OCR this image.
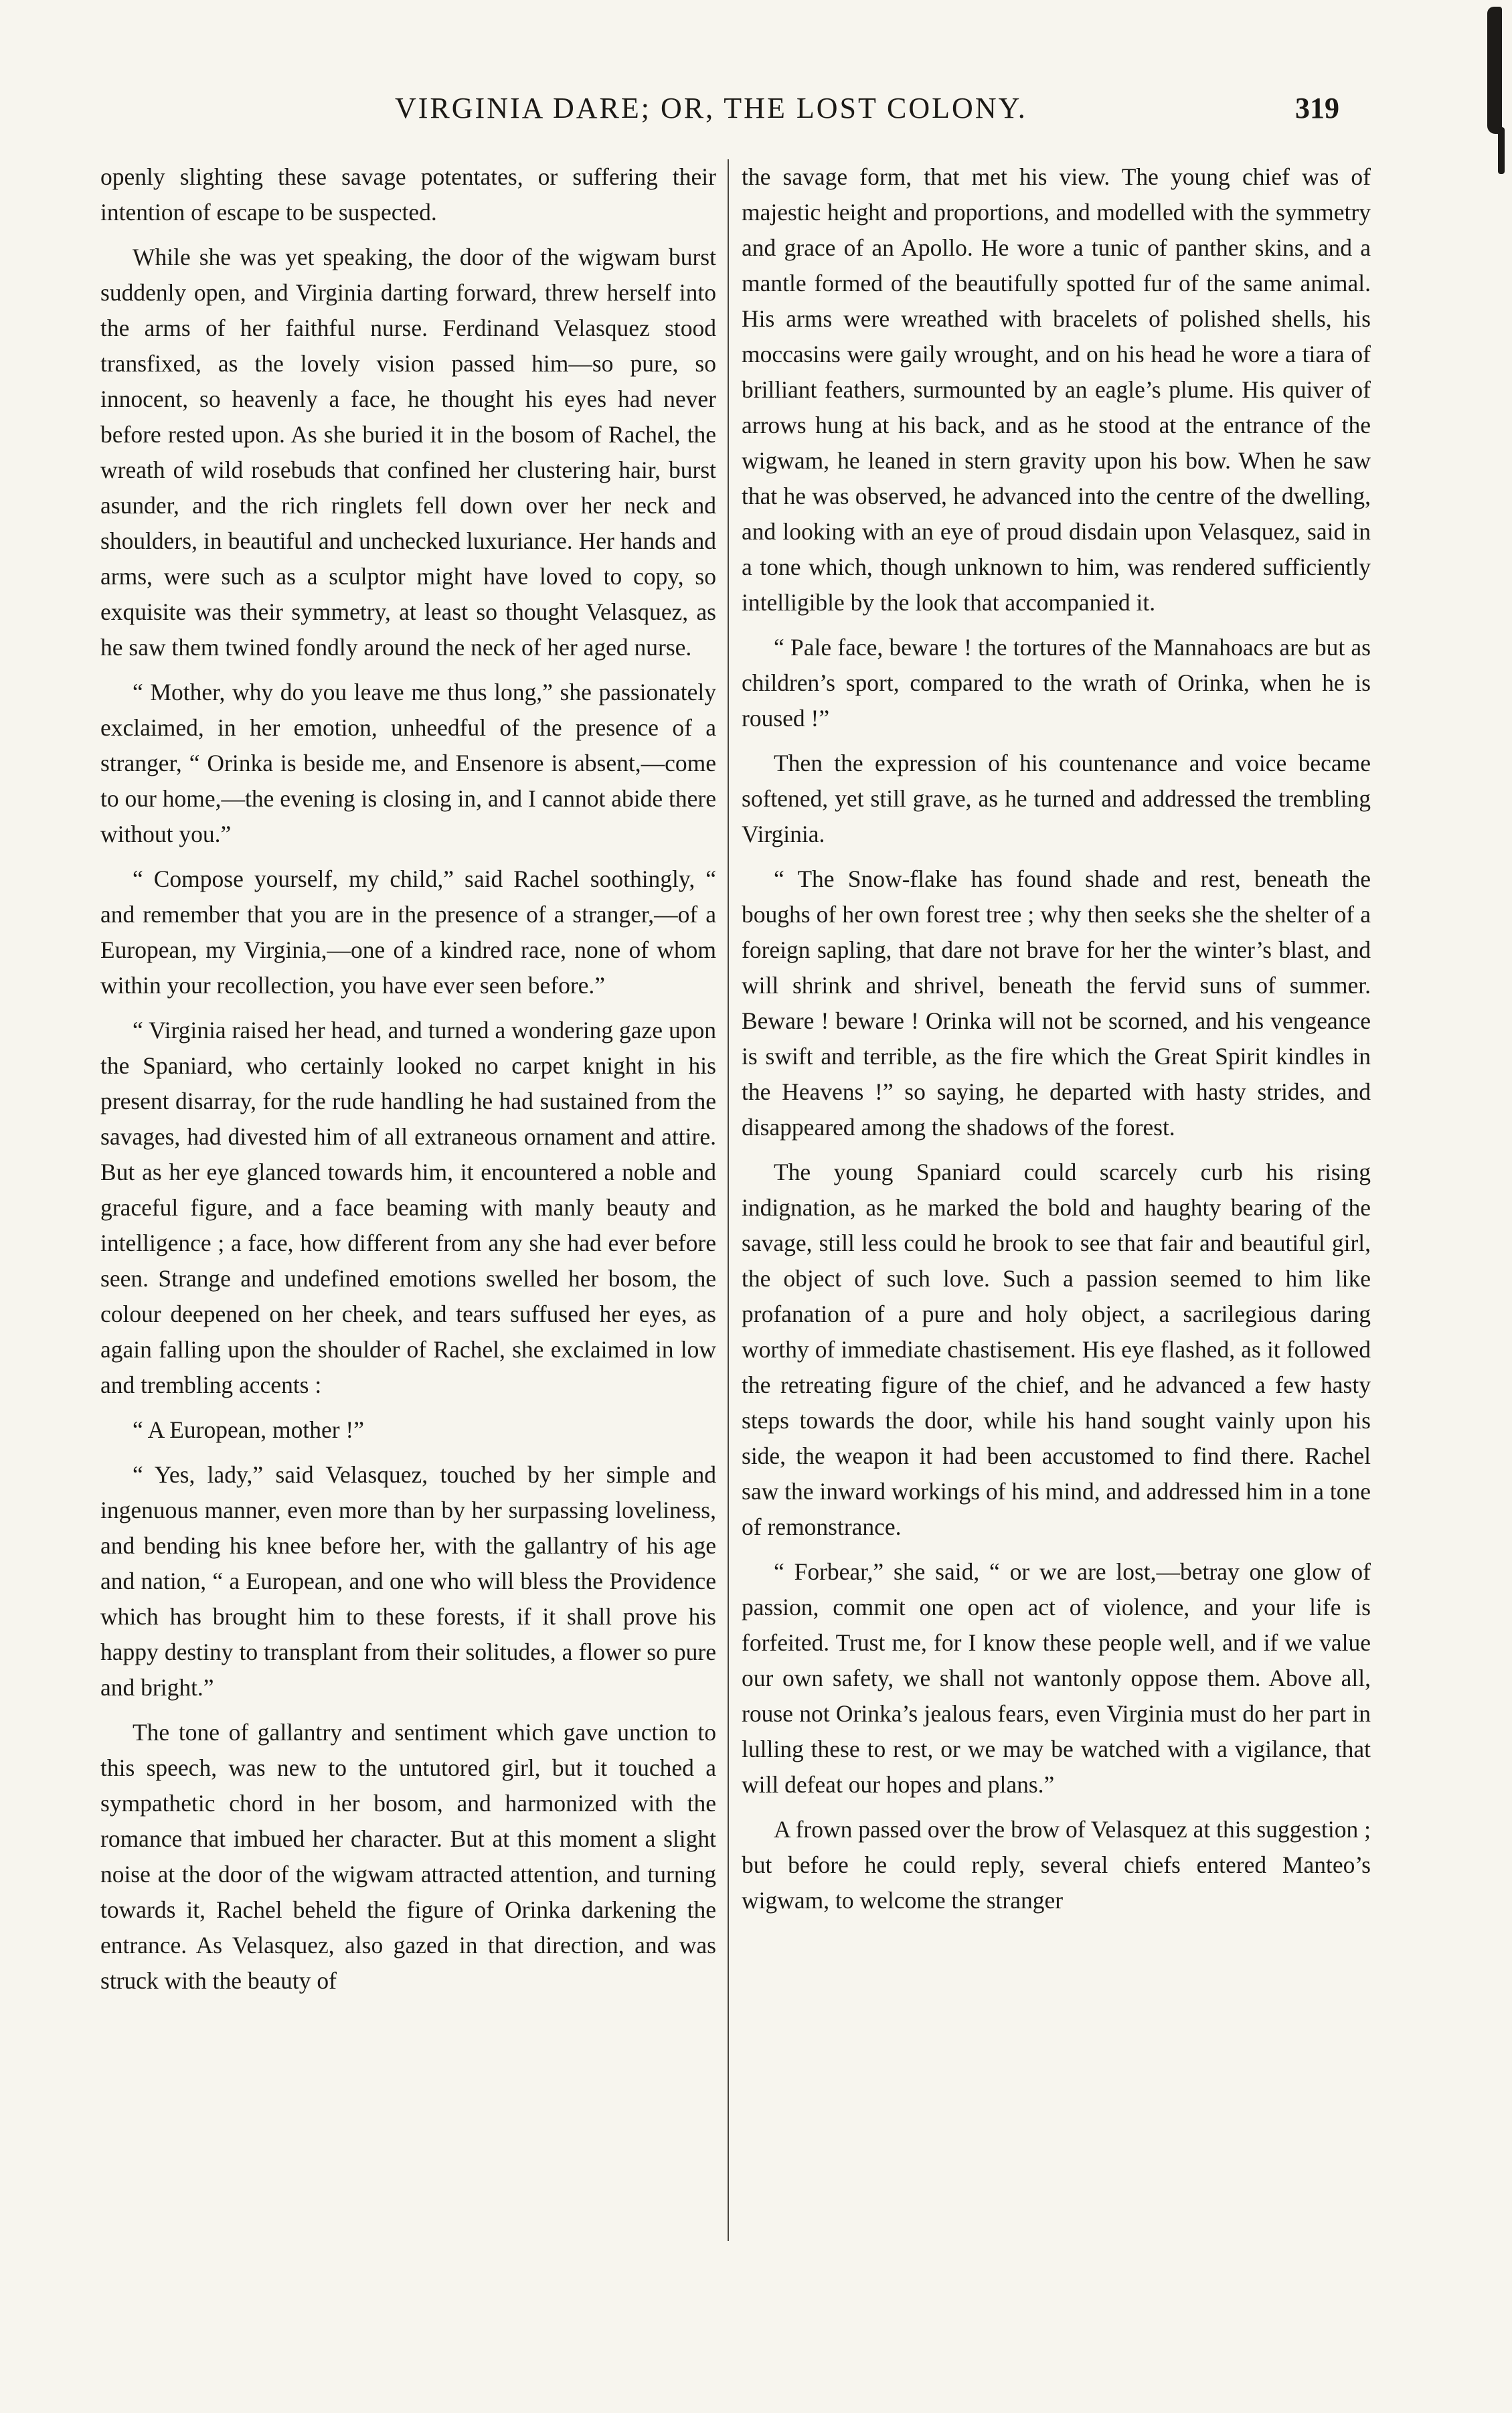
VIRGINIA DARE; OR, THE LOST COLONY.	319

openly slighting these savage potentates, or suffering their intention of escape to be suspected.

While she was yet speaking, the door of the wigwam burst suddenly open, and Virginia darting forward, threw herself into the arms of her faithful nurse. Ferdinand Velasquez stood transfixed, as the lovely vision passed him—so pure, so innocent, so heavenly a face, he thought his eyes had never before rested upon. As she buried it in the bosom of Rachel, the wreath of wild rosebuds that confined her clustering hair, burst asunder, and the rich ringlets fell down over her neck and shoulders, in beautiful and unchecked luxuriance. Her hands and arms, were such as a sculptor might have loved to copy, so exquisite was their symmetry, at least so thought Velasquez, as he saw them twined fondly around the neck of her aged nurse.

“ Mother, why do you leave me thus long,” she passionately exclaimed, in her emotion, unheedful of the presence of a stranger, “ Orinka is beside me, and Ensenore is absent,—come to our home,—the evening is closing in, and I cannot abide there without you.”

“ Compose yourself, my child,” said Rachel soothingly, “ and remember that you are in the presence of a stranger,—of a European, my Virginia,—one of a kindred race, none of whom within your recollection, you have ever seen before.”

“ Virginia raised her head, and turned a wondering gaze upon the Spaniard, who certainly looked no carpet knight in his present disarray, for the rude handling he had sustained from the savages, had divested him of all extraneous ornament and attire. But as her eye glanced towards him, it encountered a noble and graceful figure, and a face beaming with manly beauty and intelligence ; a face, how different from any she had ever before seen. Strange and undefined emotions swelled her bosom, the colour deepened on her cheek, and tears suffused her eyes, as again falling upon the shoulder of Rachel, she exclaimed in low and trembling accents :

“ A European, mother !”

“ Yes, lady,” said Velasquez, touched by her simple and ingenuous manner, even more than by her surpassing loveliness, and bending his knee before her, with the gallantry of his age and nation, “ a European, and one who will bless the Providence which has brought him to these forests, if it shall prove his happy destiny to transplant from their solitudes, a flower so pure and bright.”

The tone of gallantry and sentiment which gave unction to this speech, was new to the untutored girl, but it touched a sympathetic chord in her bosom, and harmonized with the romance that imbued her character. But at this moment a slight noise at the door of the wigwam attracted attention, and turning towards it, Rachel beheld the figure of Orinka darkening the entrance. As Velasquez, also gazed in that direction, and was struck with the beauty of

the savage form, that met his view. The young chief was of majestic height and proportions, and modelled with the symmetry and grace of an Apollo. He wore a tunic of panther skins, and a mantle formed of the beautifully spotted fur of the same animal. His arms were wreathed with bracelets of polished shells, his moccasins were gaily wrought, and on his head he wore a tiara of brilliant feathers, surmounted by an eagle’s plume. His quiver of arrows hung at his back, and as he stood at the entrance of the wigwam, he leaned in stern gravity upon his bow. When he saw that he was observed, he advanced into the centre of the dwelling, and looking with an eye of proud disdain upon Velasquez, said in a tone which, though unknown to him, was rendered sufficiently intelligible by the look that accompanied it.

“ Pale face, beware ! the tortures of the Mannahoacs are but as children’s sport, compared to the wrath of Orinka, when he is roused !”

Then the expression of his countenance and voice became softened, yet still grave, as he turned and addressed the trembling Virginia.

“ The Snow-flake has found shade and rest, beneath the boughs of her own forest tree ; why then seeks she the shelter of a foreign sapling, that dare not brave for her the winter’s blast, and will shrink and shrivel, beneath the fervid suns of summer. Beware ! beware ! Orinka will not be scorned, and his vengeance is swift and terrible, as the fire which the Great Spirit kindles in the Heavens !” so saying, he departed with hasty strides, and disappeared among the shadows of the forest.

The young Spaniard could scarcely curb his rising indignation, as he marked the bold and haughty bearing of the savage, still less could he brook to see that fair and beautiful girl, the object of such love. Such a passion seemed to him like profanation of a pure and holy object, a sacrilegious daring worthy of immediate chastisement. His eye flashed, as it followed the retreating figure of the chief, and he advanced a few hasty steps towards the door, while his hand sought vainly upon his side, the weapon it had been accustomed to find there. Rachel saw the inward workings of his mind, and addressed him in a tone of remonstrance.

“ Forbear,” she said, “ or we are lost,—betray one glow of passion, commit one open act of violence, and your life is forfeited. Trust me, for I know these people well, and if we value our own safety, we shall not wantonly oppose them. Above all, rouse not Orinka’s jealous fears, even Virginia must do her part in lulling these to rest, or we may be watched with a vigilance, that will defeat our hopes and plans.”

A frown passed over the brow of Velasquez at this suggestion ; but before he could reply, several chiefs entered Manteo’s wigwam, to welcome the stranger
